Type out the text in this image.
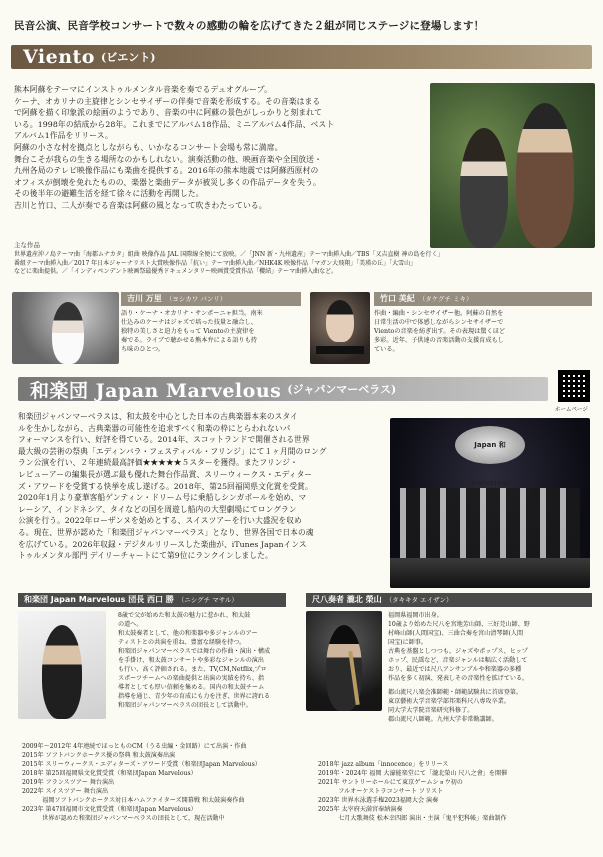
民音公演、民音学校コンサートで数々の感動の輪を広げてきた２組が同じステージに登場します！
Viento (ビエント)
熊本阿蘇をテーマにインストゥルメンタル音楽を奏でるデュオグループ。
ケーナ、オカリナの主旋律とシンセサイザーの伴奏で音楽を形成する。その音楽はまる
で阿蘇を描く印象派の絵画のようであり、音楽の中に阿蘇の景色がしっかりと刻まれて
いる。1998年の結成から28年。これまでにアルバム18作品、ミニアルバム4作品、ベスト
アルバム1作品をリリース。
阿蘇の小さな村を拠点としながらも、いかなるコンサート会場も常に満席。
舞台こそが我らの生きる場所なのかもしれない。演奏活動の他、映画音楽や全国放送・
九州各局のテレビ映像作品にも楽曲を提供する。2016年の熊本地震では阿蘇西原村の
オフィスが倒壊を免れたものの、楽器と楽曲データが被災し多くの作品データを失う。
その後半年の避難生活を経て徐々に活動を再開した。
吉川と竹口、二人が奏でる音楽は阿蘇の風となって吹きわたっている。
主な作品
世界遺産沖ノ島テーマ曲「海都ムナカタ」組曲 映像作品 JAL 国際線全便にて放映。／「JNN 新・九州遺産」テーマ曲挿入曲／TBS「又吉直樹 神の島を行く」
番組テーマ曲挿入曲／2017 年日本ジャーナリスト大賞映像作品「抗い」テーマ曲挿入曲／NHK4K 映像作品「マガン大飛翔」「美瑛の丘」「大雪山」
などに楽曲提供。／「インディペンデント映画祭最優秀ドキュメンタリー映画賞受賞作品「櫻結」テーマ曲挿入曲など。
吉川 万里 （ヨシカワ バンリ）
語り・ケーナ・オカリナ・サンポーニャ担当。南米
仕込みのケーナはジャズで培った技量と融合し、
独特の美しさと迫力をもって Vientoの主旋律を
奏でる。ライブで聴かせる熊本弁による語りも持
ち味のひとつ。
竹口 美紀 （タケグチ ミキ）
作曲・編曲・シンセサイザー他。阿蘇の自然を
日常生活の中で体感しながらシンセサイザーで
Vientoの音楽を紡ぎ出す。その表現は驚くほど
多彩。近年、子供達の音楽活動の支援育成もし
ている。
和楽団 Japan Marvelous (ジャパンマーベラス)
ホームページ
和楽団ジャパンマーベラスは、和太鼓を中心とした日本の古典楽器本来のスタイ
ルを生かしながら、古典楽器の可能性を追求すべく和楽の枠にとらわれないパ
フォーマンスを行い、好評を得ている。2014年、スコットランドで開催される世界
最大級の芸術の祭典「エディンバラ・フェスティバル・フリンジ」にて１ヶ月間のロング
ラン公演を行い、２年連続最高評価★★★★★５スターを獲得。またフリンジ・
レビューアーの編集長が選ぶ最も優れた舞台作品賞、スリーウィークス・エディター
ズ・アワードを受賞する快挙を成し遂げる。2018年、第25回福岡県文化賞を受賞。
2020年1月より豪華客船ゲンティン・ドリーム号に乗船しシンガポールを始め、マ
レーシア、インドネシア、タイなどの国を周遊し船内の大型劇場にてロングラン
公演を行う。2022年ローザンヌを始めとする、スイスツアーを行い大盛況を収め
る。現在、世界が認めた「和楽団ジャパンマーベラス」となり、世界各国で日本の魂
を広げている。2026年収録・デジタルリリースした楽曲が、iTunes Japanインス
トゥルメンタル部門 デイリーチャートにて第9位にランクインしました。
Japan 和 marvelous
和楽団 Japan Marvelous 団長 西口 勝 （ニシグチ マサル）
8歳で父が始めた和太鼓の魅力に惹かれ、和太鼓
の道へ。
和太鼓奏者として、他の和楽器や多ジャンルのアー
ティストとの共演を重ね、豊富な経験を持つ。
和楽団ジャパンマーベラスでは舞台の作曲・演出・構成
を手掛け、和太鼓コンサートや多彩なジャンルの演出
も行い、高く評価される。また、TV,CM,Netflix,プロ
スポーツチームへの楽曲提供と出演の実績を持ち、指
導者としても厚い信頼を集める。国内の和太鼓チーム
指導を通じ、青少年の育成にも力を注ぎ、世界に誇れる
和楽団ジャパンマーベラスの団長として活動中。
2009年～2012年 4年連続でほっとものCM（うる虫編・金回路）にて出演・作曲
2015年 ソフトバンクホークス優の祭典 和太鼓演奏出演
2015年 スリーウィークス・エディターズ・アワード受賞（和楽団Japan Marvelous）
2018年 第25回福岡県文化賞受賞（和楽団Japan Marvelous）
2019年 フランスツアー 舞台演出
2022年 スイスツアー 舞台演出
　　　 福岡ソフトバンクホークス対日本ハムファイターズ開幕戦 和太鼓演奏作曲
2023年 第47回福岡市文化賞受賞（和楽団Japan Marvelous）
　　　 世界が認めた和楽団ジャパンマーベラスの団長として、現在活動中
尺八奏者 瀧北 榮山 （タキキタ エイザン）
福岡県福岡市出身。
10歳より始めた尺八を宮地芳山師、三好芫山師、野
村峰山師(人間国宝)、三曲合奏を宮山清琴師(人間
国宝)に師事。
古典を基盤としつつも、ジャズやポップス、ヒップ
ホップ、民謡など、音楽ジャンルは幅広く活動して
おり、最近では尺八アンサンブルや和楽器の多種
作品を多く初演、発表しその音楽性を拡げている。
都山流尺八楽会准師範・師範試験共に首席登第。
東京藝術大学音楽学部邦楽科尺八専攻卒業。
同大学大学院音楽研究科修了。
郡山流尺八師範。九州大学非常勤講師。
2018年 jazz album「innocence」をリリース
2019年・2024年 福岡 大濠能楽堂にて「瀧北榮山 尺八之會」を開催
2021年 サントリーホールにて東京ゲームショウ初の
　　　 フルオーケストラコンサート ソリスト
2023年 世界水泳選手権2023福岡大会 演奏
2025年 太宰府天満宮奉納演奏
　　　 七月大歌舞伎 松本幸四郎 演出・主演「鬼平犯科帳」楽曲制作
